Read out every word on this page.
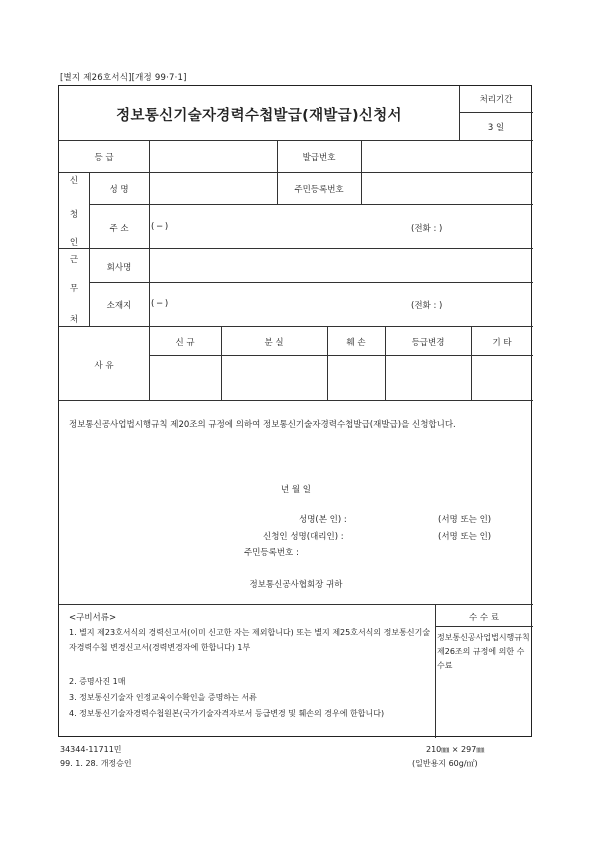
[별지 제26호서식][개정 99·7·1]
정보통신기술자경력수첩발급(재발급)신청서
처리기간
3 일
등 급	발급번호
신
청
인
성 명	주민등록번호
주 소	( ─ )	(전화 : )
근
무
처
회사명
소재지 ( ─ )	(전화 : )
사 유
신 규	분 실	훼 손	등급변경	기 타
정보통신공사업법시행규칙 제20조의 규정에 의하여 정보통신기술자경력수첩발급(재발급)을 신청합니다.
년 월 일
성명(본 인) :	(서명 또는 인)
신청인 성명(대리인) :	(서명 또는 인)
주민등록번호 :
정보통신공사협회장 귀하
<구비서류>
1. 별지 제23호서식의 경력신고서(이미 신고한 자는 제외합니다) 또는 별지 제25호서식의 정보통신기술자경력수첩 변경신고서(경력변경자에 한합니다) 1부
2. 증명사진 1매
3. 정보통신기술자 인정교육이수확인을 증명하는 서류
4. 정보통신기술자경력수첩원본(국가기술자격자로서 등급변경 및 훼손의 경우에 한합니다)
수 수 료
정보통신공사업법시행규칙 제26조의 규정에 의한 수수료
34344-11711민
99. 1. 28. 개정승인
210㎜ × 297㎜
(일반용지 60g/㎡)
